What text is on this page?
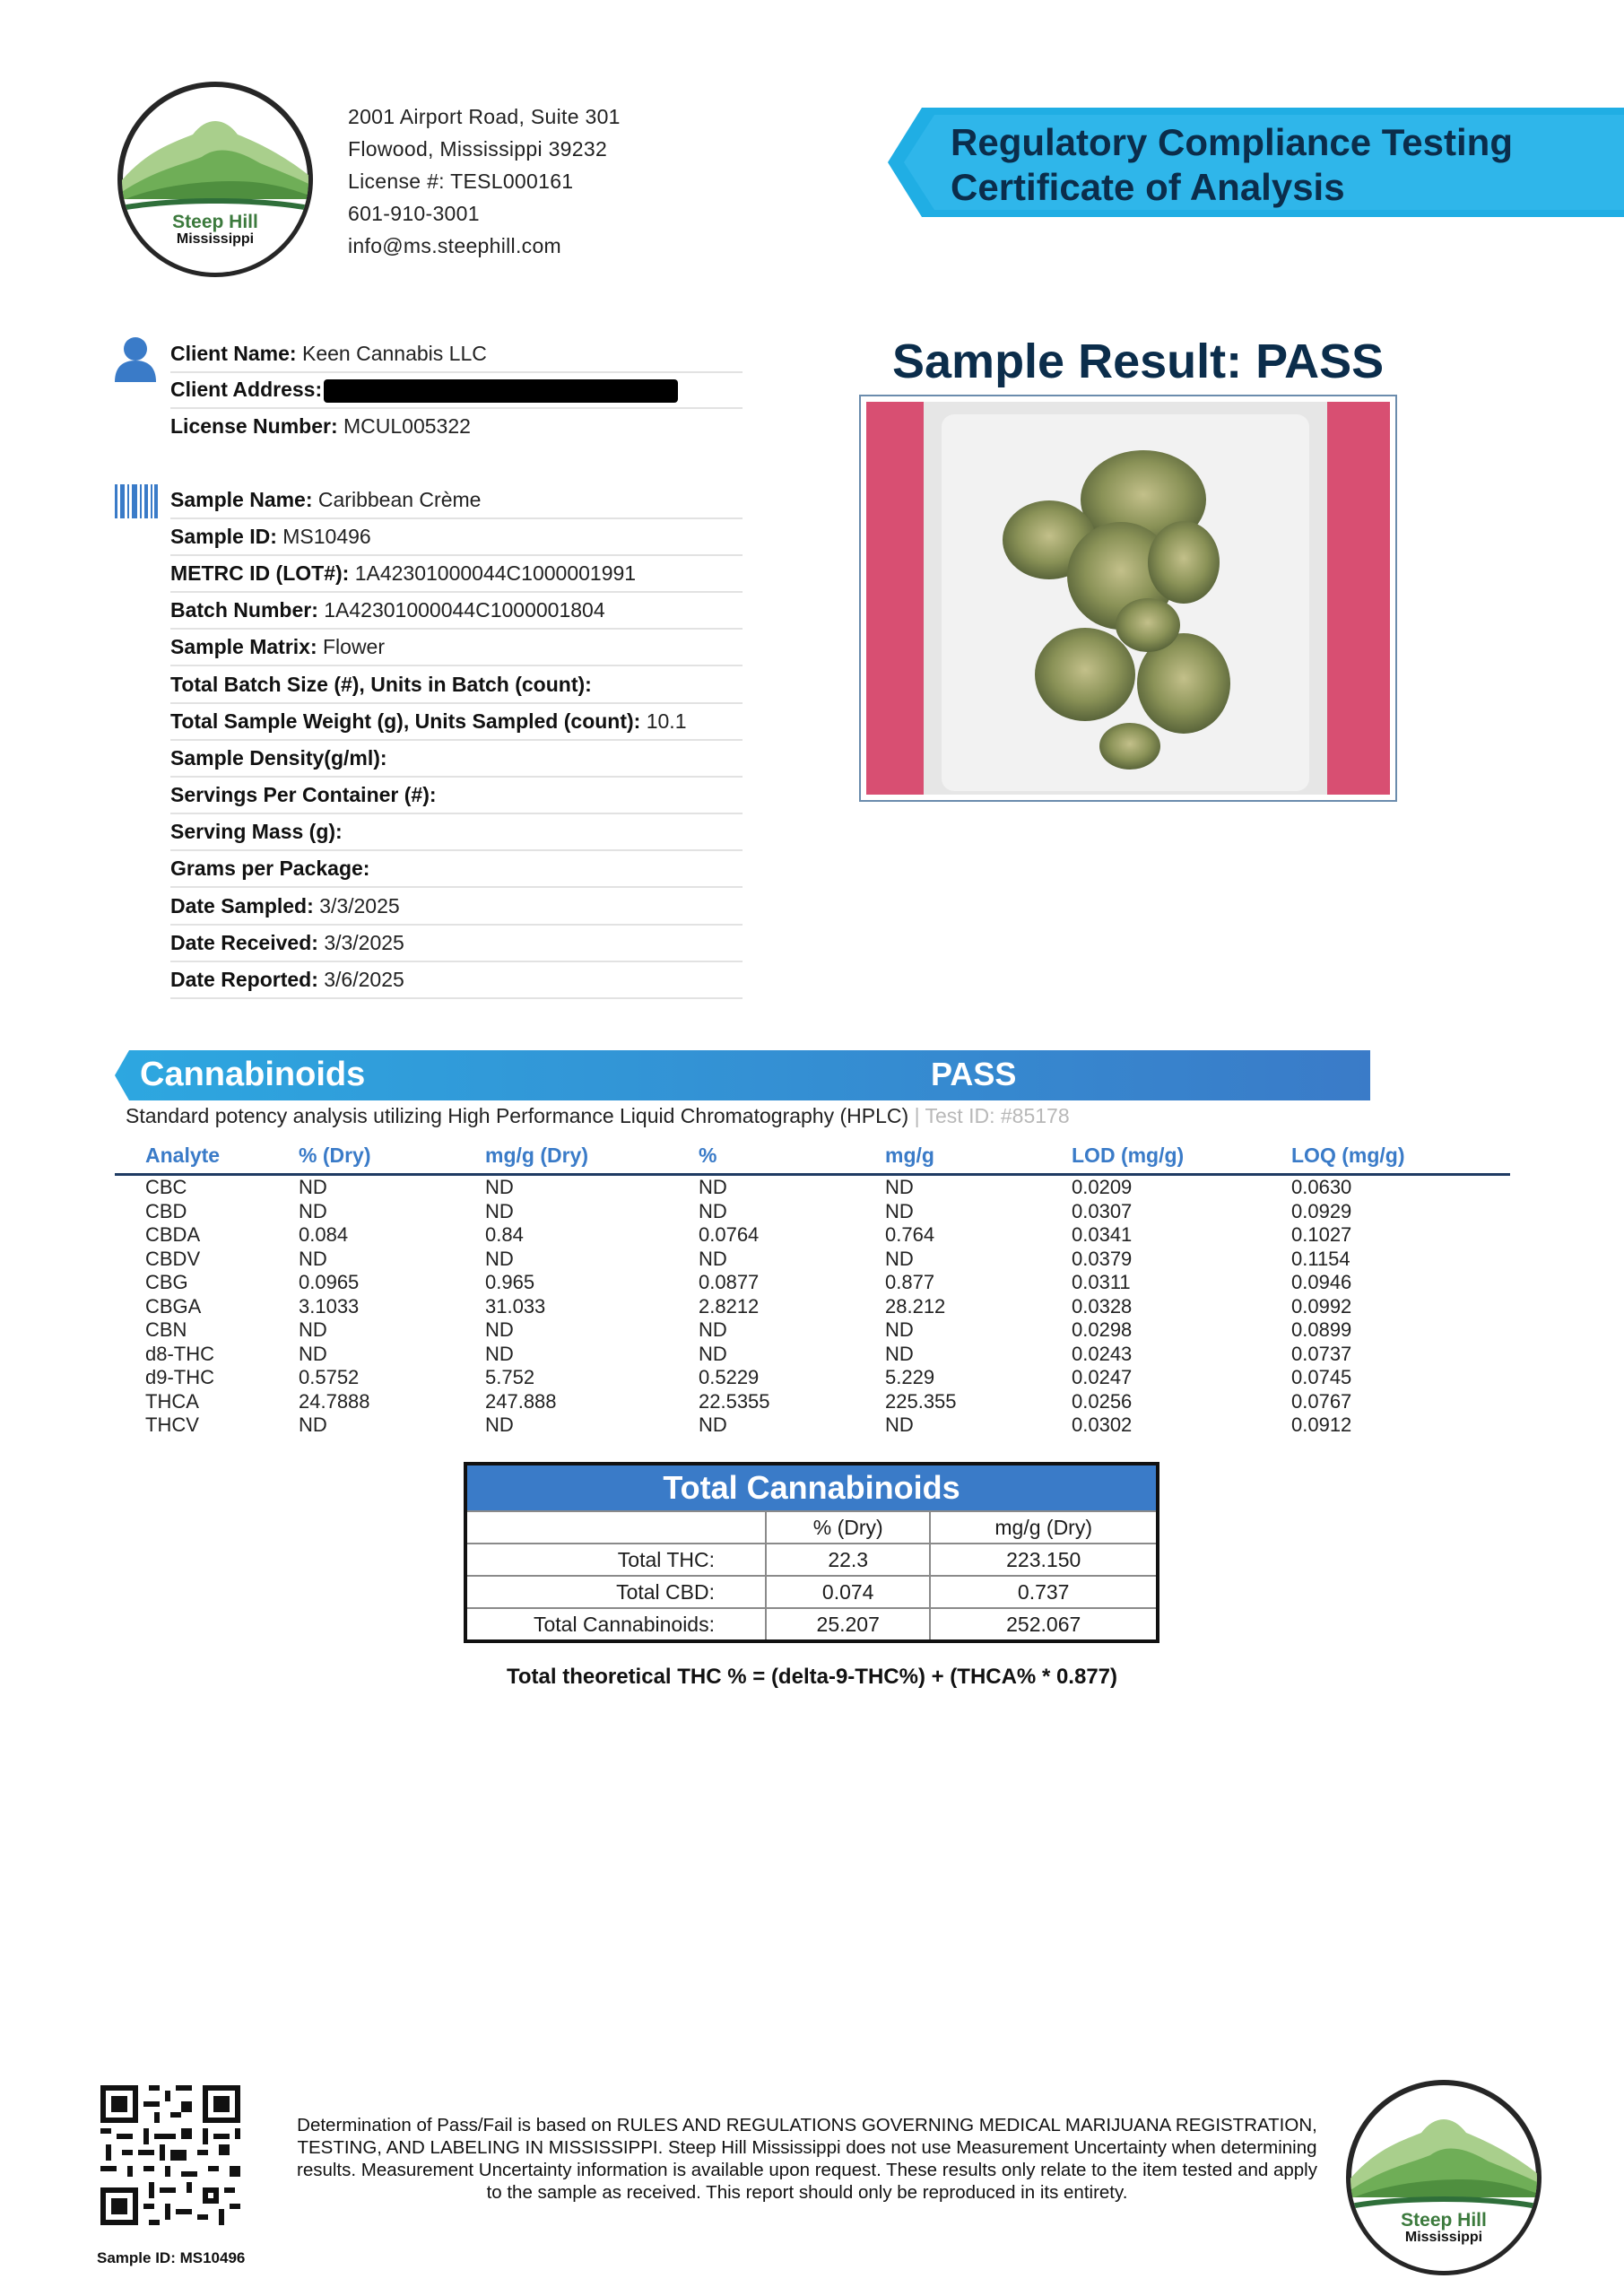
Steep Hill
Mississippi
2001 Airport Road, Suite 301
Flowood, Mississippi 39232
License #: TESL000161
601-910-3001
info@ms.steephill.com
Regulatory Compliance Testing
Certificate of Analysis
Client Name: Keen Cannabis LLC
Client Address:
License Number: MCUL005322
Sample Name: Caribbean Crème
Sample ID: MS10496
METRC ID (LOT#): 1A42301000044C1000001991
Batch Number: 1A42301000044C1000001804
Sample Matrix: Flower
Total Batch Size (#), Units in Batch (count):
Total Sample Weight (g), Units Sampled (count): 10.1
Sample Density(g/ml):
Servings Per Container (#):
Serving Mass (g):
Grams per Package:
Date Sampled: 3/3/2025
Date Received: 3/3/2025
Date Reported: 3/6/2025
Sample Result: PASS
Cannabinoids	PASS
Standard potency analysis utilizing High Performance Liquid Chromatography (HPLC) | Test ID: #85178
Analyte	% (Dry)	mg/g (Dry)	%	mg/g	LOD (mg/g)	LOQ (mg/g)
CBC	ND	ND	ND	ND	0.0209	0.0630
CBD	ND	ND	ND	ND	0.0307	0.0929
CBDA	0.084	0.84	0.0764	0.764	0.0341	0.1027
CBDV	ND	ND	ND	ND	0.0379	0.1154
CBG	0.0965	0.965	0.0877	0.877	0.0311	0.0946
CBGA	3.1033	31.033	2.8212	28.212	0.0328	0.0992
CBN	ND	ND	ND	ND	0.0298	0.0899
d8-THC	ND	ND	ND	ND	0.0243	0.0737
d9-THC	0.5752	5.752	0.5229	5.229	0.0247	0.0745
THCA	24.7888	247.888	22.5355	225.355	0.0256	0.0767
THCV	ND	ND	ND	ND	0.0302	0.0912
Total Cannabinoids
	% (Dry)	mg/g (Dry)
Total THC:	22.3	223.150
Total CBD:	0.074	0.737
Total Cannabinoids:	25.207	252.067
Total theoretical THC % = (delta-9-THC%) + (THCA% * 0.877)
Sample ID: MS10496
Determination of Pass/Fail is based on RULES AND REGULATIONS GOVERNING MEDICAL MARIJUANA REGISTRATION, TESTING, AND LABELING IN MISSISSIPPI. Steep Hill Mississippi does not use Measurement Uncertainty when determining results. Measurement Uncertainty information is available upon request. These results only relate to the item tested and apply to the sample as received. This report should only be reproduced in its entirety.
Steep Hill
Mississippi
